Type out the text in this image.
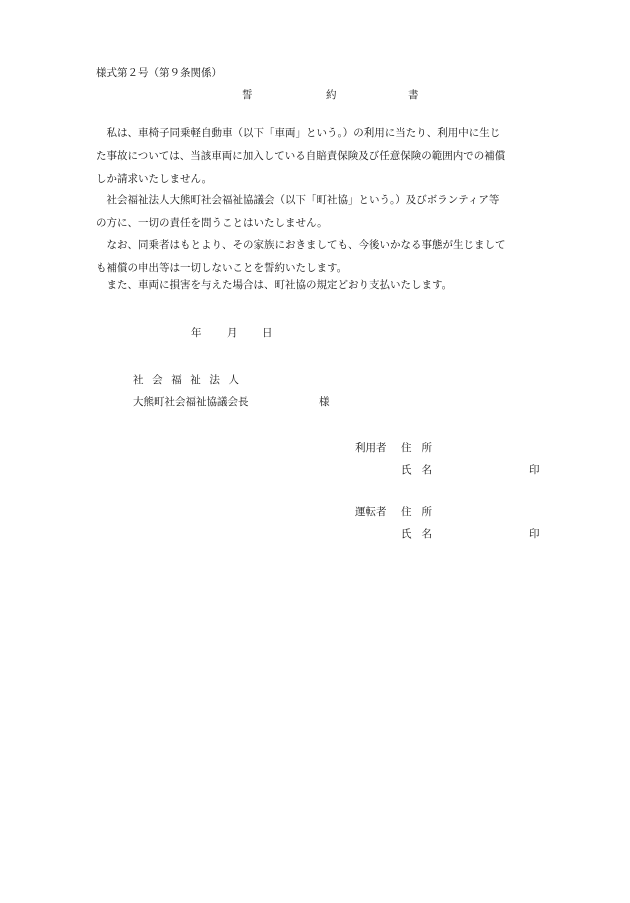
様式第２号（第９条関係）
誓	約	書
　私は、車椅子同乗軽自動車（以下「車両」という。）の利用に当たり、利用中に生じ
た事故については、当該車両に加入している自賠責保険及び任意保険の範囲内での補償
しか請求いたしません。
　社会福祉法人大熊町社会福祉協議会（以下「町社協」という。）及びボランティア等
の方に、一切の責任を問うことはいたしません。
　なお、同乗者はもとより、その家族におきましても、今後いかなる事態が生じまして
も補償の申出等は一切しないことを誓約いたします。
　また、車両に損害を与えた場合は、町社協の規定どおり支払いたします。
年 月 日
社会福祉法人
大熊町社会福祉協議会長	様
利用者 住所
氏名	印
運転者 住所
氏名	印
